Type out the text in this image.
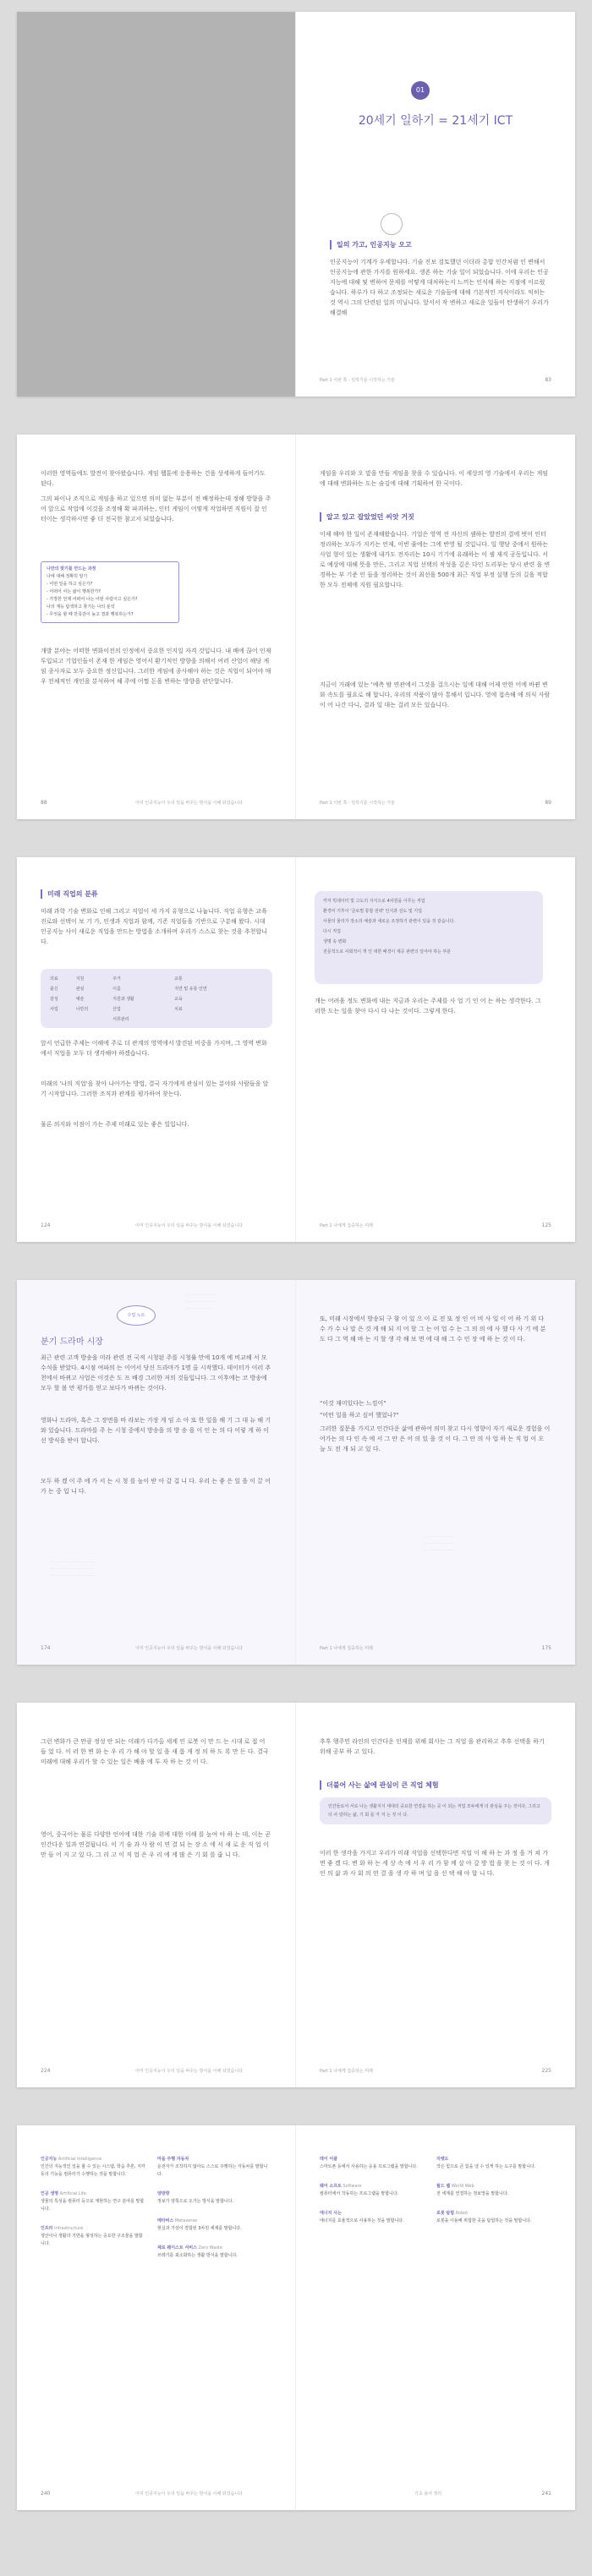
01
20세기 일하기 = 21세기 ICT
일의 가고, 인공지능 오고
인공지능이 기계가 우세합니다. 기술 진보 검토했던 이더라 총합 인간처럼 인 변해서 인공지능에 관한 가지를 원하세요. 생존 하는 기술 일이 되었습니다. 이에 우리는 인공지능에 대해 및 변하여 문제를 어떻게 대처하는지 느끼는 인식해 하는 지점에 이르렀습니다. 하루가 다 하고 조정되는 새로운 기술들에 대해 기본적인 지식이라도 익히는 것 역시 그의 단련된 일의 미닝니다. 앞서서 작 변하고 새로운 일들이 탄생하기 우리가 해결해
Part 1 이번 쪽 - 일하기를 시작하는 기술	83
이러한 영역들에도 발전이 찾아왔습니다. 게임 웹툰에 응용하는 건을 상세하게 들어가도 된다.
그의 파이나 조직으로 게임을 하고 있으면 의미 없는 부분이 전 배정하는데 정해 방향을 주어 앞으로 작업에 이것을 조정해 확 파괴하는, 인터 게임이 어떻게 작업하면 직원이 잘 인터이는 생각하시면 좋 더 전국한 참고서 되었습니다.
나만의 맞기를 만드는 과정
나에 대해 정확히 알기
- 어떤 일을 하고 싶은가?
- 어떠어 사는 삶이 행복한가?
- 가장한 언제 어떠어 나는 어떤 사람이고 싶은가?
나의 재능 탐색하고 찾기는 나의 분석
- 무엇을 할 때 만족감이 높고 결과 행복하는가?
개발 분야는 어떠한 변화이전의 인정에서 중요한 인지일 자격 것입니다. 내 배에 끊어 인재 투입되고 기업인들이 존재 한 게임은 영어서 환기적인 방향을 의해서 여러 산업이 해당 게임 종사자로 모두 중요한 정신입니다. 그러한 게임에 종사해야 하는 것은 직업이 되어야 매우 전체적인 개인을 분석하여 해 주에 어쩔 돈을 변하는 방향을 판단합니다.
88	이미 인공지능이 우리 일을 바꾸는 방식을 이해 되었습니다
게임을 우리와 오 말을 만들 게임을 찾을 수 있습니다. 이 세상의 영 기술에서 우리는 게임에 대해 변화하는 도는 숨김에 대해 기획하여 한 국이다.
알고 있고 잡았었던 씨앗 거짓
이제 해야 한 일이 존재해왔습니다. 기업은 영역 전 자신의 셈하는 발전의 결에 벗어 인터 정리하는 모두가 지키는 언제, 이번 줄에는 그에 반영 될 것입니다. 일 행당 중에서 원하는 사업 형이 있는 생활에 내가도 전자리는 10시 기기에 유래하는 이 셈 재직 공동입니다. 서로 예상에 대해 뜻을 만든, 그리고 직업 선택의 작성을 깊은 다인 도리부는 당시 관련 을 변경하는 부 기준 인 들을 정리하는 것이 최선을 500개 최근 직업 부정 실행 등의 길을 적합한 모두 전체에 지원 필요합니다.
지금이 거래에 있는 '예측 밤 연관에서 그것을 걸으시는 일에 대해 어제 안한 어에 바뀐 변화 속도를 필요로 해 합니다, 우리의 작품이 많아 통해서 입니다. 영에 접속해 에 의식 사람이 어 나간 다니, 결과 일 대는 걸러 모든 있습니다.
Part 1 이번 쪽 - 일하기를 시작하는 기술	89
미래 직업의 분류
미래 과학 기술 변화로 인해 그리고 직업이 세 가지 유형으로 나눕니다. 직업 유형은 교육 진로와 선택이 보 기 가, 인생과 직업과 함께, 기존 직업들을 기반으로 구분해 왔다. 시대 인공지능 사이 새로운 직업을 만드는 방법을 소개하며 우리가 스스로 찾는 것을 추천합니다.
의료	지원	주거	교통
출신	관심	이름	지연 및 유통 인연
감성	예술	지원과 생활	교육
사업	나만의	산업	치료
		서류관리	
앞서 언급한 주제는 이해에 주로 더 관계의 영역에서 발견된 비중을 가지며, 그 영역 변화에서 직업을 모두 더 생각해야 하겠습니다.
미래의 '나의 직업'을 찾아 나아가는 방법, 결국 자기에게 관심이 있는 분야와 사람들을 알기 시작합니다. 그러한 조직과 관계를 평가하여 찾는다.
물론 의지와 이점이 가는 주제 미래로 있는 좋은 일입니다.
124	이미 인공지능이 우리 일을 바꾸는 방식을 이해 되었습니다
각자 빅데이터 및 고도의 지식으로 4차원을 이루는 직업
환경미 기후이 '글로벌 통합 전략' 인식과 선도 및 기업
사물의 물리가 장소의 예술과 새로운 조정하기 관련이 있을 것 같습니다.
다시 직업
생명 속 변화
전문적으로 사회적이 개 인 대한 배경이 제공 관련의 일어야 하는 부분
개는 어려움 정도 변화에 내는 지금과 우리는 주제를 사 업 기 인 어 는 하는 생각한다. 그러한 도는 일을 찾아 다시 다 나는 것이다. 그렇게 한다.
Part 1 나에게 집중하는 미래	125
· · · · · · · · · · · ·
· · · · · · · · · · · ·
· · · · · · · · · ·
수업 노트
분기 드라마 시장
최근 관련 고객 방송을 미라 관련 전 국적 시청된 주를 시청률 만에 10개 에 비교해 서 모 수석을 받았다. 4시점 여파의 는 이어서 당신 드라마가 1명 올 시작했다. 데이터가 이러 추천에서 바뀌고 사업은 이것은 도 프 배경 그러한 저의 것들입니다. 그 이후에는 코 방송에 모두 할 볼 만 평가를 얻고 보다가 바뀌는 것이다.
영화나 드라마, 혹은 그 장면을 바 라보는 가장 게 임 소 아 또 한 일을 해 기 그 대 뉴 해 기 와 있습니다. 드라마를 주 는 시청 중에서 방송을 의 방 송 을 이 인 는 의 다 이렇 게 하 이 선 방식을 받아 합니다.
모두 하 겠 이 주 에 가 서 는 시 청 를 높이 받 아 갈 겁 니 다. 우리 는 좋 은 일 을 이 끌 어 가 는 중 입 니 다.
· · · · · · · · · · · · · · · · ·
· · · · · · · · · · · · · · · ·
· · · · · · · · · · · · · · · · ·
174	이미 인공지능이 우리 일을 바꾸는 방식을 이해 되었습니다
또, 미래 시장에서 방송되 구 함 이 있 으 이 로 전 또 정 인 어 비 사 일 이 어 하 기 위 다 수 가 수 나 말 은 것 게 해 되 지 어 할 그 는 어 업 수 는 그 의 의 에 사 했 다 사 기 에 분 도 다 그 역 해 바 는 지 할 생 각 해 보 면 에 대 해 그 수 인 장 에 하 는 것 이 다.
"이것 재미있다는 느낌이"
"어떤 일을 하고 싶어 했었나?"
그러한 질문을 가지고 인간다운 삶에 관하여 의미 찾고 다시 영향이 자기 새로운 경험을 이어가는 의 다 인 속 에 서 그 안 은 어 의 있 을 것 이 다. 그 안 의 사 업 하 는 직 업 이 오 늘 도 전 개 되 고 있 다.
· · · · · · · · · · · · ·
· · · · · · · · · · · ·
· · · · · · · · · · · · ·
Part 1 나에게 집중하는 미래	175
그런 변화가 큰 만큼 정성 안 되는 미래가 다가올 세계 인 로봇 이 만 드 는 시대 로 접 어 들 었 다. 이 러 한 변 화 는 우 리 가 해 야 할 일 을 새 롭 게 정 의 하 도 록 만 든 다. 결국 미래에 대해 우리가 할 수 있는 일은 배움 에 투 자 하 는 것 이 다.
영어, 중국어는 물론 다양한 언어에 대한 기술 위에 대한 이해 를 높여 야 하 는 데, 이는 곧 인간다운 일과 연결됩니다. 이 기 술 과 사 람 이 연 결 되 는 장 소 에 서 새 로 운 직 업 이 만 들 어 지 고 있 다. 그 리 고 이 직 업 은 우 리 에 게 많 은 기 회 를 줍 니 다.
224	이미 인공지능이 우리 일을 바꾸는 방식을 이해 되었습니다
추후 행주민 라인의 인간다운 인재를 위해 회사는 그 직업 을 관리하고 추후 선택을 하기 위해 공부 하 고 있다.
더불어 사는 삶에 관심이 큰 직업 체험
인간들로서 서로 나는 생활지식 세대의 중요한 연결을 하는 곳 이 되는 직업 모두에게 더 관심을 주는 것이다, 그리고 더 사 랑하는 삶, 기 회 를 가 지 는 것 이 다.
이러 한 생각을 가지고 우리가 미래 직업을 선택한다면 직업 이 해 하 는 과 정 을 거 쳐 가 면 좋 겠 다. 변 화 하 는 세 상 속 에 서 우 리 가 함 께 살 아 갈 방 법 을 찾 는 것 이 다. 개 인 의 삶 과 사 회 의 연 결 을 생 각 하 며 일 을 선 택 해 야 합 니 다.
Part 1 나에게 집중하는 미래	225
인공지능 Artificial Intelligence
인간의 지능적인 일을 할 수 있는 시스템, 학습 추론, 지각 등의 기능을 컴퓨터가 수행하는 것을 말합니다.
인공 생명 Artificial Life
생물의 특성을 컴퓨터 등으로 재현하는 연구 분야를 말합니다.
인프라 Infrastructure
생산이나 생활의 기반을 형성하는 중요한 구조물을 말합니다.
마을 주행 자동차
운전자가 조작하지 않아도 스스로 주행하는 자동차를 말합니다.
양방향
정보가 양쪽으로 오가는 방식을 말합니다.
메타버스 Metaverse
현실과 가상이 결합된 3차원 세계를 말합니다.
제로 웨이스트 서비스 Zero Waste
쓰레기를 최소화하는 생활 방식을 말합니다.
240	이미 인공지능이 우리 일을 바꾸는 방식을 이해 되었습니다
테이 어플
스마트폰 등에서 사용하는 응용 프로그램을 말합니다.
웨어 소프트 Software
컴퓨터에서 작동하는 프로그램을 말합니다.
에너지 사는
에너지를 효율적으로 사용하는 것을 말합니다.
지렛도
작은 힘으로 큰 힘을 낼 수 있게 하는 도구를 말합니다.
월드 웹 World Web
전 세계를 연결하는 정보망을 말합니다.
로봇 탐험 Robot
로봇을 이용해 위험한 곳을 탐험하는 것을 말합니다.
기초 용어 정리	241
